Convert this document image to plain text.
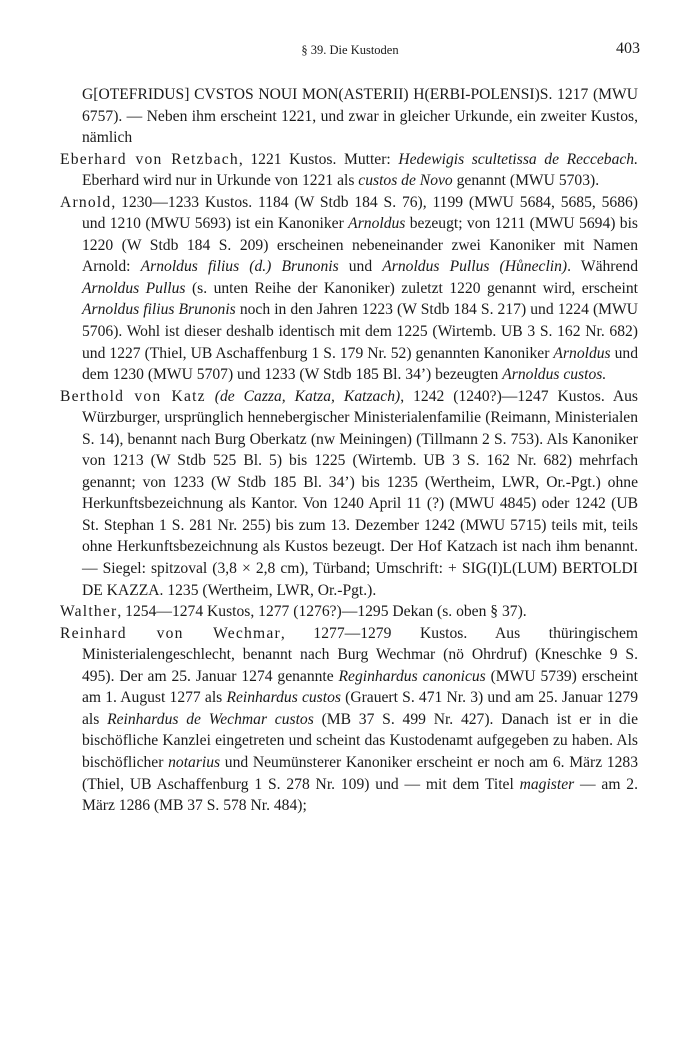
§ 39. Die Kustoden	403

G[OTEFRIDUS] CVSTOS NOUI MON(ASTERII) H(ERBI-POLENSI)S. 1217 (MWU 6757). — Neben ihm erscheint 1221, und zwar in gleicher Urkunde, ein zweiter Kustos, nämlich

Eberhard von Retzbach, 1221 Kustos. Mutter: Hedewigis scultetissa de Reccebach. Eberhard wird nur in Urkunde von 1221 als custos de Novo genannt (MWU 5703).

Arnold, 1230—1233 Kustos. 1184 (W Stdb 184 S. 76), 1199 (MWU 5684, 5685, 5686) und 1210 (MWU 5693) ist ein Kanoniker Arnoldus bezeugt; von 1211 (MWU 5694) bis 1220 (W Stdb 184 S. 209) erscheinen nebeneinander zwei Kanoniker mit Namen Arnold: Arnoldus filius (d.) Brunonis und Arnoldus Pullus (Hůneclin). Während Arnoldus Pullus (s. unten Reihe der Kanoniker) zuletzt 1220 genannt wird, erscheint Arnoldus filius Brunonis noch in den Jahren 1223 (W Stdb 184 S. 217) und 1224 (MWU 5706). Wohl ist dieser deshalb identisch mit dem 1225 (Wirtemb. UB 3 S. 162 Nr. 682) und 1227 (Thiel, UB Aschaffenburg 1 S. 179 Nr. 52) genannten Kanoniker Arnoldus und dem 1230 (MWU 5707) und 1233 (W Stdb 185 Bl. 34’) bezeugten Arnoldus custos.

Berthold von Katz (de Cazza, Katza, Katzach), 1242 (1240?)—1247 Kustos. Aus Würzburger, ursprünglich hennebergischer Ministerialenfamilie (Reimann, Ministerialen S. 14), benannt nach Burg Oberkatz (nw Meiningen) (Tillmann 2 S. 753). Als Kanoniker von 1213 (W Stdb 525 Bl. 5) bis 1225 (Wirtemb. UB 3 S. 162 Nr. 682) mehrfach genannt; von 1233 (W Stdb 185 Bl. 34’) bis 1235 (Wertheim, LWR, Or.-Pgt.) ohne Herkunftsbezeichnung als Kantor. Von 1240 April 11 (?) (MWU 4845) oder 1242 (UB St. Stephan 1 S. 281 Nr. 255) bis zum 13. Dezember 1242 (MWU 5715) teils mit, teils ohne Herkunftsbezeichnung als Kustos bezeugt. Der Hof Katzach ist nach ihm benannt. — Siegel: spitzoval (3,8 × 2,8 cm), Türband; Umschrift: + SIG(I)L(LUM) BERTOLDI DE KAZZA. 1235 (Wertheim, LWR, Or.-Pgt.).

Walther, 1254—1274 Kustos, 1277 (1276?)—1295 Dekan (s. oben § 37).

Reinhard von Wechmar, 1277—1279 Kustos. Aus thüringischem Ministerialengeschlecht, benannt nach Burg Wechmar (nö Ohrdruf) (Kneschke 9 S. 495). Der am 25. Januar 1274 genannte Reginhardus canonicus (MWU 5739) erscheint am 1. August 1277 als Reinhardus custos (Grauert S. 471 Nr. 3) und am 25. Januar 1279 als Reinhardus de Wechmar custos (MB 37 S. 499 Nr. 427). Danach ist er in die bischöfliche Kanzlei eingetreten und scheint das Kustodenamt aufgegeben zu haben. Als bischöflicher notarius und Neumünsterer Kanoniker erscheint er noch am 6. März 1283 (Thiel, UB Aschaffenburg 1 S. 278 Nr. 109) und — mit dem Titel magister — am 2. März 1286 (MB 37 S. 578 Nr. 484);
